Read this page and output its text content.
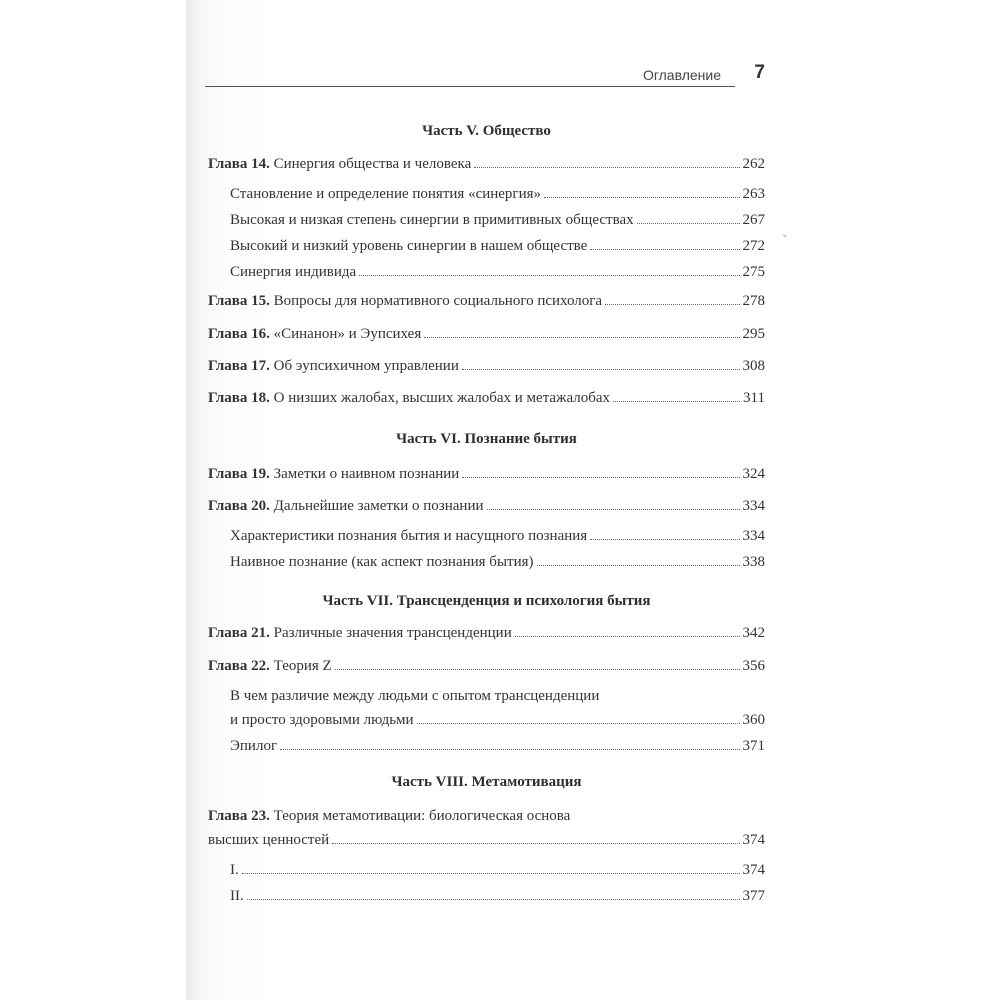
Оглавление 7
˅
Часть V. Общество
Глава 14. Синергия общества и человека	262
Становление и определение понятия «синергия»	263
Высокая и низкая степень синергии в примитивных обществах	267
Высокий и низкий уровень синергии в нашем обществе	272
Синергия индивида	275
Глава 15. Вопросы для нормативного социального психолога	278
Глава 16. «Синанон» и Эупсихея	295
Глава 17. Об эупсихичном управлении	308
Глава 18. О низших жалобах, высших жалобах и метажалобах	311
Часть VI. Познание бытия
Глава 19. Заметки о наивном познании	324
Глава 20. Дальнейшие заметки о познании	334
Характеристики познания бытия и насущного познания	334
Наивное познание (как аспект познания бытия)	338
Часть VII. Трансценденция и психология бытия
Глава 21. Различные значения трансценденции	342
Глава 22. Теория Z	356
В чем различие между людьми с опытом трансценденции
и просто здоровыми людьми	360
Эпилог	371
Часть VIII. Метамотивация
Глава 23. Теория метамотивации: биологическая основа
высших ценностей	374
I.	374
II.	377
